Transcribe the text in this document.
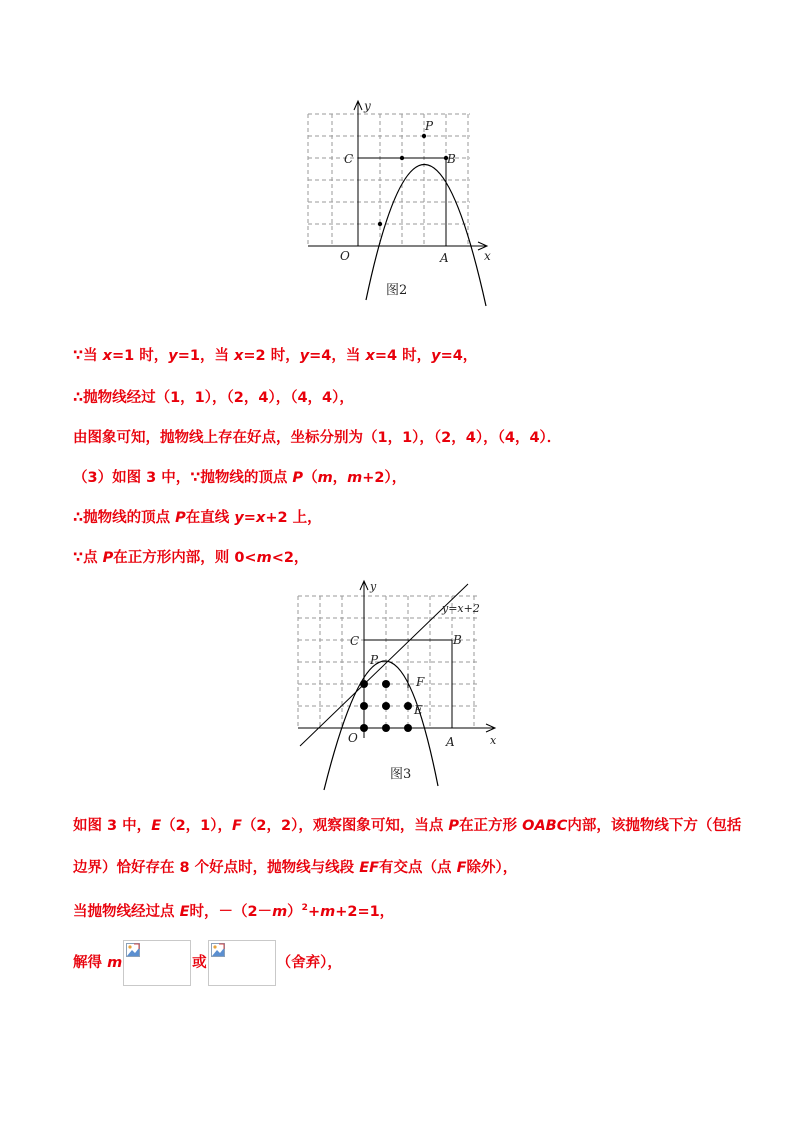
y
x
O	A
C	B
P
图2
∵当 x=1 时，y=1，当 x=2 时，y=4，当 x=4 时，y=4，
∴抛物线经过（1，1），（2，4），（4，4），
由图象可知，抛物线上存在好点，坐标分别为（1，1），（2，4），（4，4）．
（3）如图 3 中，∵抛物线的顶点 P（m，m+2），
∴抛物线的顶点 P在直线 y=x+2 上，
∵点 P在正方形内部，则 0<m<2，
y
x
O	A
C	B
P
F
E
y=x+2
图3
如图 3 中，E（2，1），F（2，2），观察图象可知，当点 P在正方形 OABC内部，该抛物线下方（包括
边界）恰好存在 8 个好点时，抛物线与线段 EF有交点（点 F除外），
当抛物线经过点 E时，$-(2-m)^2+m+2=1$，
解得 m	或	（舍弃），
